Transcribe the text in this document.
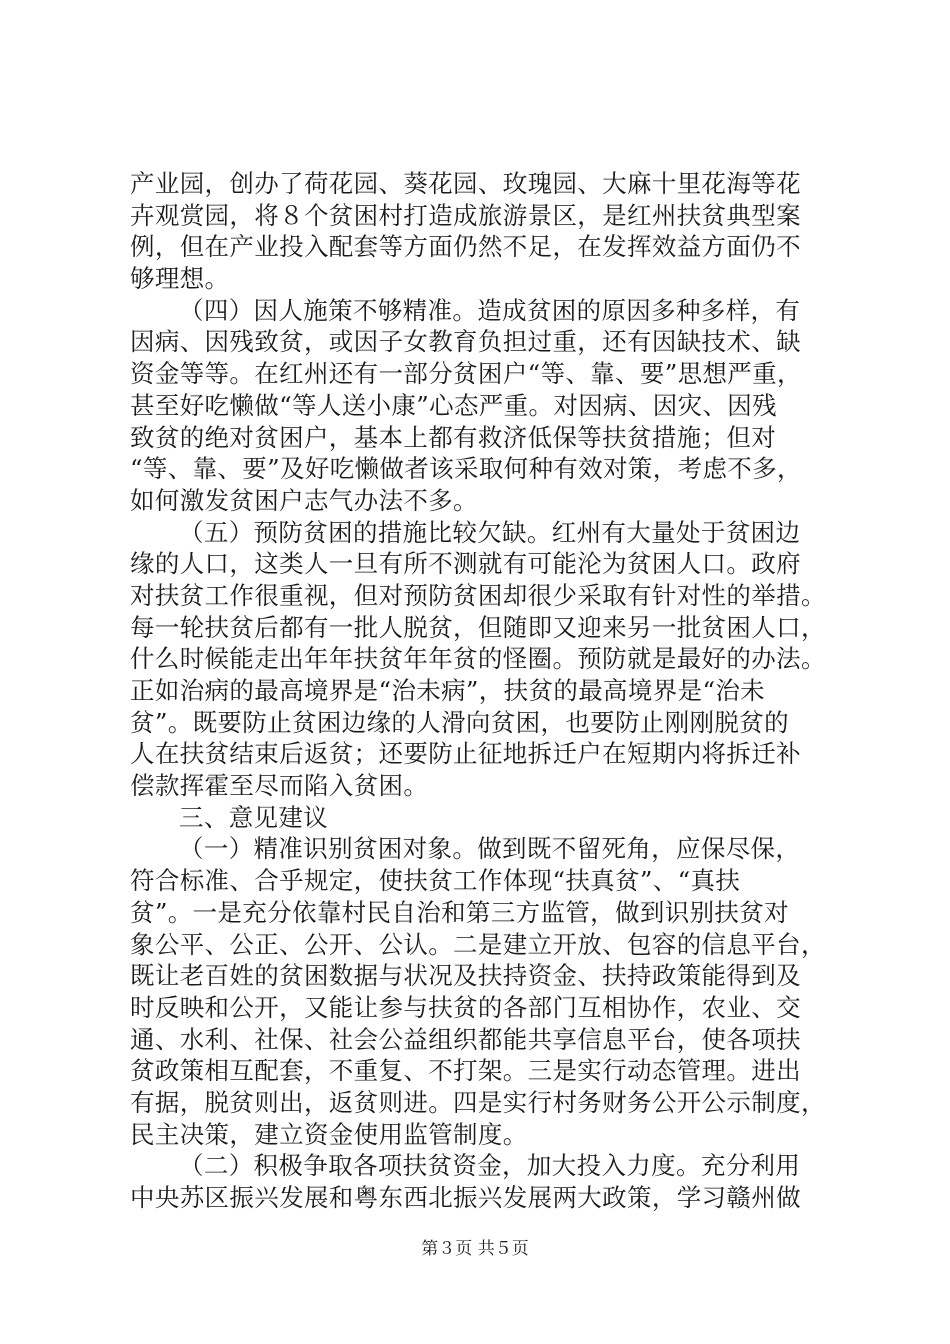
产业园，创办了荷花园、葵花园、玫瑰园、大麻十里花海等花
卉观赏园，将８个贫困村打造成旅游景区，是红州扶贫典型案
例，但在产业投入配套等方面仍然不足，在发挥效益方面仍不
够理想。
（四）因人施策不够精准。造成贫困的原因多种多样，有
因病、因残致贫，或因子女教育负担过重，还有因缺技术、缺
资金等等。在红州还有一部分贫困户“等、靠、要”思想严重，
甚至好吃懒做“等人送小康”心态严重。对因病、因灾、因残
致贫的绝对贫困户，基本上都有救济低保等扶贫措施；但对
“等、靠、要”及好吃懒做者该采取何种有效对策，考虑不多，
如何激发贫困户志气办法不多。
（五）预防贫困的措施比较欠缺。红州有大量处于贫困边
缘的人口，这类人一旦有所不测就有可能沦为贫困人口。政府
对扶贫工作很重视，但对预防贫困却很少采取有针对性的举措。
每一轮扶贫后都有一批人脱贫，但随即又迎来另一批贫困人口，
什么时候能走出年年扶贫年年贫的怪圈。预防就是最好的办法。
正如治病的最高境界是“治未病”，扶贫的最高境界是“治未
贫”。既要防止贫困边缘的人滑向贫困，也要防止刚刚脱贫的
人在扶贫结束后返贫；还要防止征地拆迁户在短期内将拆迁补
偿款挥霍至尽而陷入贫困。
三、意见建议
（一）精准识别贫困对象。做到既不留死角，应保尽保，
符合标准、合乎规定，使扶贫工作体现“扶真贫”、“真扶
贫”。一是充分依靠村民自治和第三方监管，做到识别扶贫对
象公平、公正、公开、公认。二是建立开放、包容的信息平台，
既让老百姓的贫困数据与状况及扶持资金、扶持政策能得到及
时反映和公开，又能让参与扶贫的各部门互相协作，农业、交
通、水利、社保、社会公益组织都能共享信息平台，使各项扶
贫政策相互配套，不重复、不打架。三是实行动态管理。进出
有据，脱贫则出，返贫则进。四是实行村务财务公开公示制度，
民主决策，建立资金使用监管制度。
（二）积极争取各项扶贫资金，加大投入力度。充分利用
中央苏区振兴发展和粤东西北振兴发展两大政策，学习赣州做
第３页 共５页
